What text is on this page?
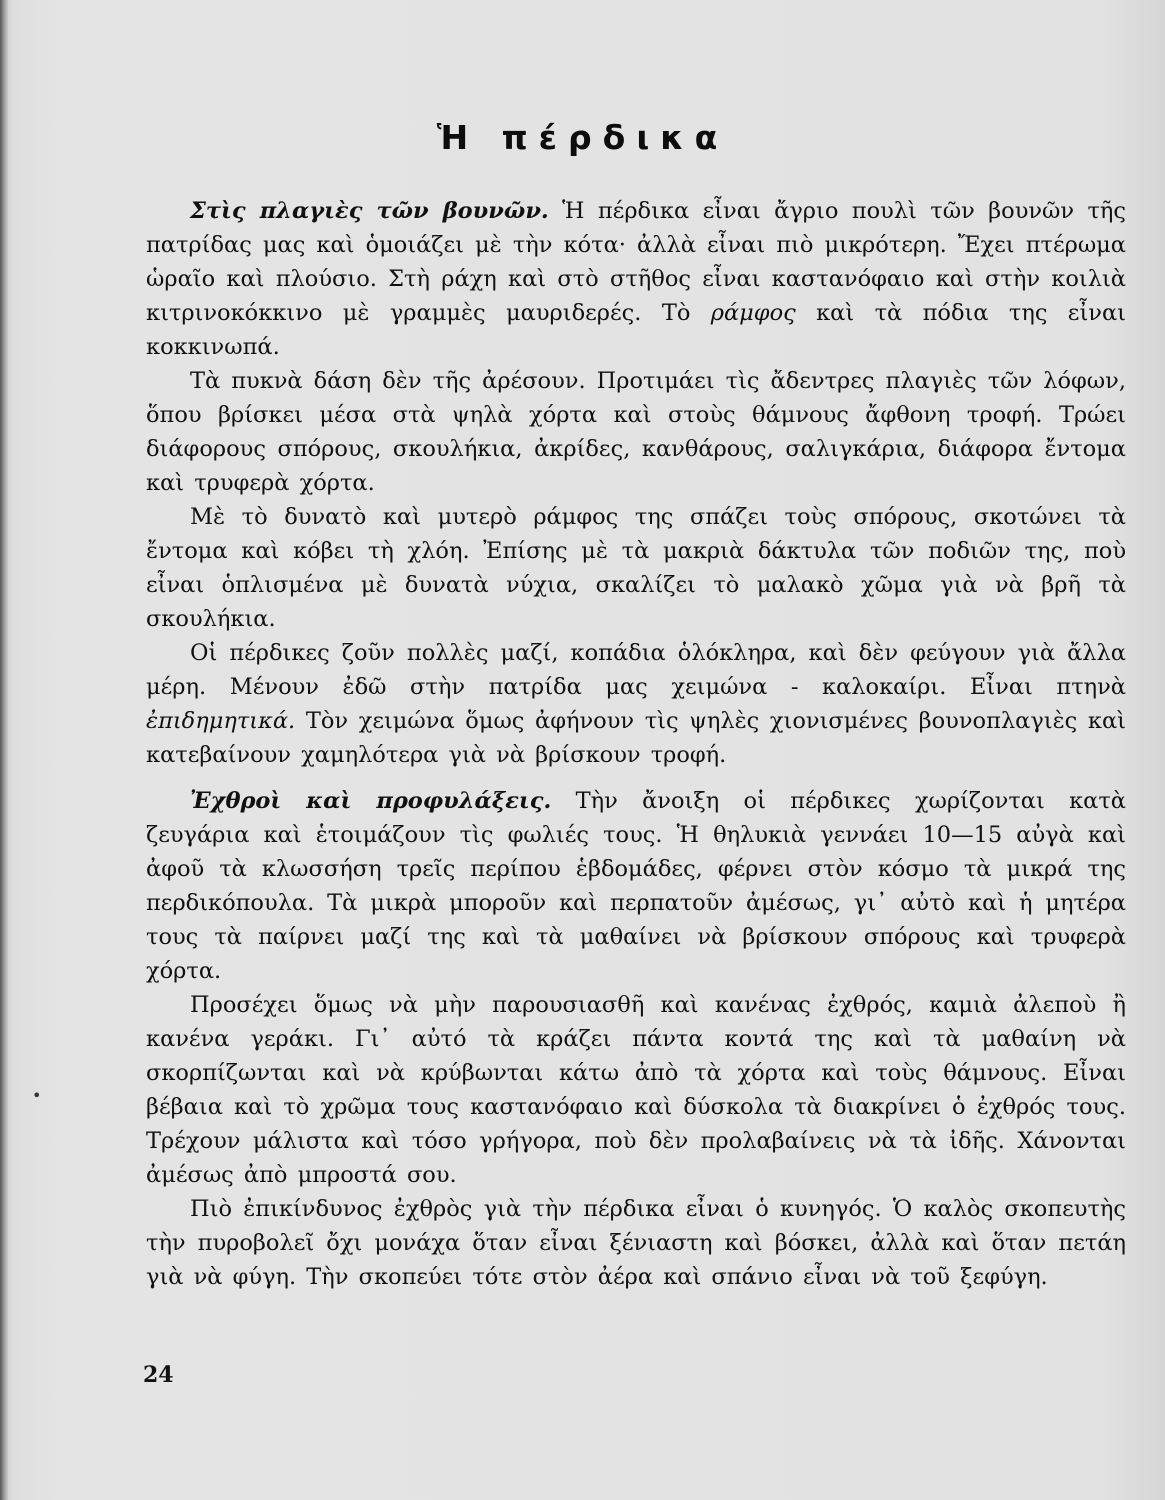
Ἡ πέρδικα

Στὶς πλαγιὲς τῶν βουνῶν. Ἡ πέρδικα εἶναι ἄγριο πουλὶ τῶν βουνῶν τῆς πατρίδας μας καὶ ὁμοιάζει μὲ τὴν κότα· ἀλλὰ εἶναι πιὸ μικρότερη. Ἔχει πτέρωμα ὡραῖο καὶ πλούσιο. Στὴ ράχη καὶ στὸ στῆθος εἶναι καστανόφαιο καὶ στὴν κοιλιὰ κιτρινοκόκκινο μὲ γραμμὲς μαυριδερές. Τὸ ράμφος καὶ τὰ πόδια της εἶναι κοκκινωπά.

Τὰ πυκνὰ δάση δὲν τῆς ἀρέσουν. Προτιμάει τὶς ἄδεντρες πλαγιὲς τῶν λόφων, ὅπου βρίσκει μέσα στὰ ψηλὰ χόρτα καὶ στοὺς θάμνους ἄφθονη τροφή. Τρώει διάφορους σπόρους, σκουλήκια, ἀκρίδες, κανθάρους, σαλιγκάρια, διάφορα ἔντομα καὶ τρυφερὰ χόρτα.

Μὲ τὸ δυνατὸ καὶ μυτερὸ ράμφος της σπάζει τοὺς σπόρους, σκοτώνει τὰ ἔντομα καὶ κόβει τὴ χλόη. Ἐπίσης μὲ τὰ μακριὰ δάκτυλα τῶν ποδιῶν της, ποὺ εἶναι ὁπλισμένα μὲ δυνατὰ νύχια, σκαλίζει τὸ μαλακὸ χῶμα γιὰ νὰ βρῆ τὰ σκουλήκια.

Οἱ πέρδικες ζοῦν πολλὲς μαζί, κοπάδια ὁλόκληρα, καὶ δὲν φεύγουν γιὰ ἄλλα μέρη. Μένουν ἐδῶ στὴν πατρίδα μας χειμώνα - καλοκαίρι. Εἶναι πτηνὰ ἐπιδημητικά. Τὸν χειμώνα ὅμως ἀφήνουν τὶς ψηλὲς χιονισμένες βουνοπλαγιὲς καὶ κατεβαίνουν χαμηλότερα γιὰ νὰ βρίσκουν τροφή.

Ἐχθροὶ καὶ προφυλάξεις. Τὴν ἄνοιξη οἱ πέρδικες χωρίζονται κατὰ ζευγάρια καὶ ἑτοιμάζουν τὶς φωλιές τους. Ἡ θηλυκιὰ γεννάει 10—15 αὐγὰ καὶ ἀφοῦ τὰ κλωσσήση τρεῖς περίπου ἑβδομάδες, φέρνει στὸν κόσμο τὰ μικρά της περδικόπουλα. Τὰ μικρὰ μποροῦν καὶ περπατοῦν ἀμέσως, γι᾽ αὐτὸ καὶ ἡ μητέρα τους τὰ παίρνει μαζί της καὶ τὰ μαθαίνει νὰ βρίσκουν σπόρους καὶ τρυφερὰ χόρτα.

Προσέχει ὅμως νὰ μὴν παρουσιασθῆ καὶ κανένας ἐχθρός, καμιὰ ἀλεποὺ ἢ κανένα γεράκι. Γι᾽ αὐτό τὰ κράζει πάντα κοντά της καὶ τὰ μαθαίνη νὰ σκορπίζωνται καὶ νὰ κρύβωνται κάτω ἀπὸ τὰ χόρτα καὶ τοὺς θάμνους. Εἶναι βέβαια καὶ τὸ χρῶμα τους καστανόφαιο καὶ δύσκολα τὰ διακρίνει ὁ ἐχθρός τους. Τρέχουν μάλιστα καὶ τόσο γρήγορα, ποὺ δὲν προλαβαίνεις νὰ τὰ ἰδῆς. Χάνονται ἀμέσως ἀπὸ μπροστά σου.

Πιὸ ἐπικίνδυνος ἐχθρὸς γιὰ τὴν πέρδικα εἶναι ὁ κυνηγός. Ὁ καλὸς σκοπευτὴς τὴν πυροβολεῖ ὄχι μονάχα ὅταν εἶναι ξένιαστη καὶ βόσκει, ἀλλὰ καὶ ὅταν πετάη γιὰ νὰ φύγη. Τὴν σκοπεύει τότε στὸν ἀέρα καὶ σπάνιο εἶναι νὰ τοῦ ξεφύγη.

•
24
